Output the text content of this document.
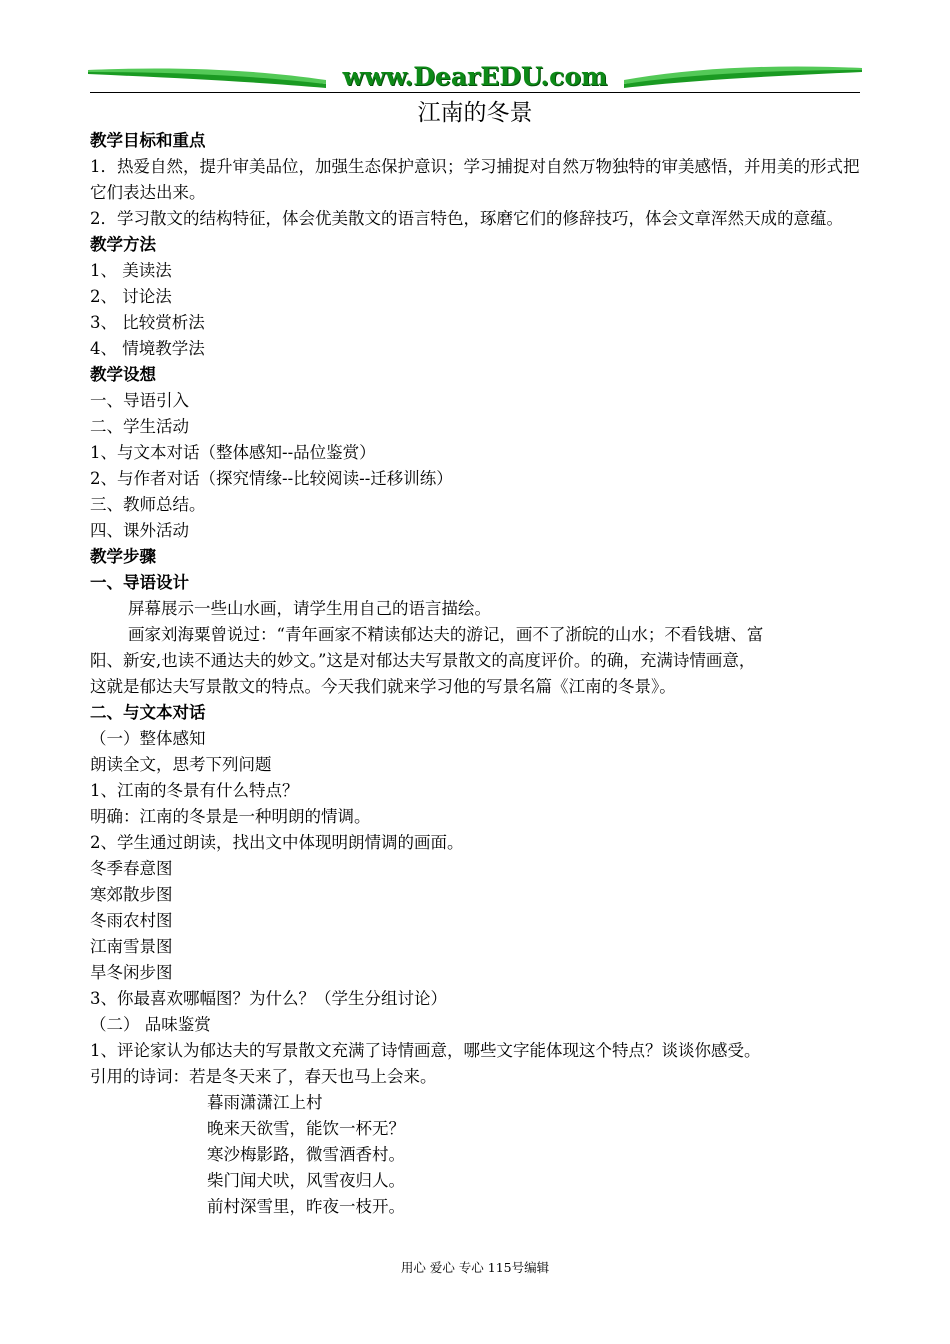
www.DearEDU.com
江南的冬景
教学目标和重点
1．热爱自然，提升审美品位，加强生态保护意识；学习捕捉对自然万物独特的审美感悟，并用美的形式把它们表达出来。
2．学习散文的结构特征，体会优美散文的语言特色，琢磨它们的修辞技巧，体会文章浑然天成的意蕴。
教学方法
1、 美读法
2、 讨论法
3、 比较赏析法
4、 情境教学法
教学设想
一、导语引入
二、学生活动
1、与文本对话（整体感知--品位鉴赏）
2、与作者对话（探究情缘--比较阅读--迁移训练）
三、教师总结。
四、课外活动
教学步骤
一、导语设计
屏幕展示一些山水画，请学生用自己的语言描绘。
画家刘海粟曾说过：“青年画家不精读郁达夫的游记，画不了浙皖的山水；不看钱塘、富
阳、新安,也读不通达夫的妙文。”这是对郁达夫写景散文的高度评价。的确，充满诗情画意，
这就是郁达夫写景散文的特点。今天我们就来学习他的写景名篇《江南的冬景》。
二、与文本对话
（一）整体感知
朗读全文，思考下列问题
1、江南的冬景有什么特点？
明确：江南的冬景是一种明朗的情调。
2、学生通过朗读，找出文中体现明朗情调的画面。
冬季春意图
寒郊散步图
冬雨农村图
江南雪景图
旱冬闲步图
3、你最喜欢哪幅图？为什么？（学生分组讨论）
（二） 品味鉴赏
1、评论家认为郁达夫的写景散文充满了诗情画意，哪些文字能体现这个特点？谈谈你感受。
引用的诗词：若是冬天来了，春天也马上会来。
暮雨潇潇江上村
晚来天欲雪，能饮一杯无？
寒沙梅影路，微雪酒香村。
柴门闻犬吠，风雪夜归人。
前村深雪里，昨夜一枝开。
用心 爱心 专心 115号编辑
